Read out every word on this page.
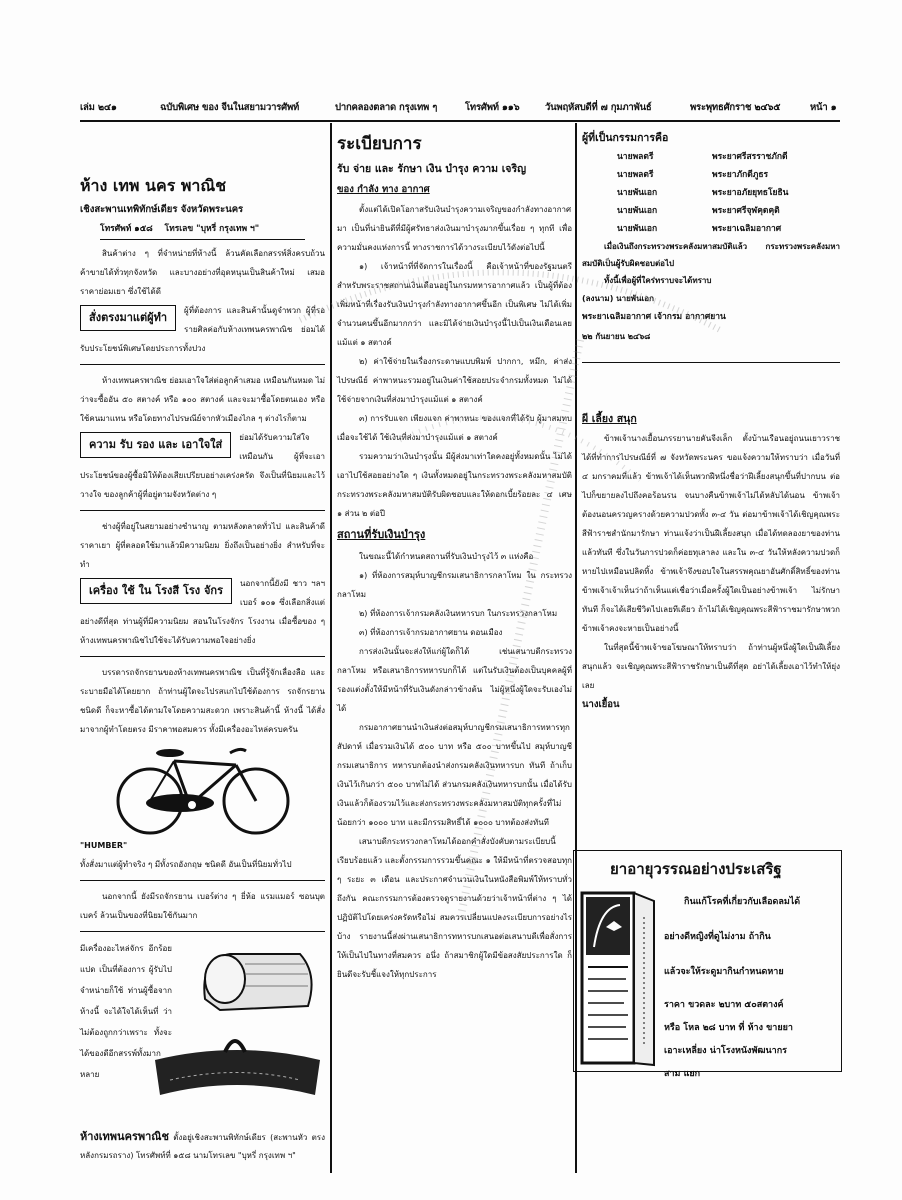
เล่ม ๒๔๑	ฉบับพิเศษ ของ จีนในสยามวารศัพท์	ปากคลองตลาด กรุงเทพ ๆ	โทรศัพท์ ๑๑๖	วันพฤหัสบดีที่ ๗ กุมภาพันธ์	พระพุทธศักราช ๒๔๖๕	หน้า ๑

ห้าง เทพ นคร พาณิช

เชิงสะพานเทพิทักษ์เดียร จังหวัดพระนคร

โทรศัพท์ ๑๕๘ โทรเลข "บุหรี่ กรุงเทพ ฯ"

สินค้าต่าง ๆ ที่จำหน่ายที่ห้างนี้ ล้วนคัดเลือกสรรพ์สิ่งครบถ้วน ค้าขายได้ทั่วทุกจังหวัด และบางอย่างที่อุดหนุนเป็นสินค้าใหม่ เสมอ ราคาย่อมเยา ซึ่งใช้ได้ดี

สั่งตรงมาแต่ผู้ทำ
ผู้ที่ต้องการ และสินค้านั้นดูจำพวก ผู้ที่รอรายศิลค่อกับห้างเทพนครพาณิช ย่อมได้รับประโยชน์พิเศษโดยประการทั้งปวง

ห้างเทพนครพาณิช ย่อมเอาใจใส่ต่อลูกค้าเสมอ เหมือนกันหมด ไม่ว่าจะซื้ออัน ๕๐ สตางค์ หรือ ๑๐๐ สตางค์ และจะมาซื้อโดยตนเอง หรือใช้คนมาแทน หรือโดยทางไปรษณีย์จากหัวเมืองไกล ๆ ต่างไรก็ตาม

ความ รับ รอง และ เอาใจใส่
ย่อมได้รับความใส่ใจ เหมือนกัน ผู้ที่จะเอาประโยชน์ของผู้ซื้อมิให้ต้องเสียเปรียบอย่างเคร่งครัด จึงเป็นที่นิยมและไว้วางใจ ของลูกค้าผู้ที่อยู่ตามจังหวัดต่าง ๆ

ช่างผู้ที่อยู่ในสยามอย่างชำนาญ ตามหลังตลาดทั่วไป และสินค้าดีราคาเยา ผู้ที่ตลอดใช้มาแล้วมีความนิยม ยิ่งถึงเป็นอย่างยิ่ง สำหรับที่จะทำ

เครื่อง ใช้ ใน โรงสี โรง จักร
นอกจากนี้ยังมี ชาว ฯลฯ เบอร์ ๑๐๑ ซึ่งเลือกสิ่งแต่อย่างดีที่สุด ท่านผู้ที่มีความนิยม สอนในโรงจักร โรงงาน เมื่อซื้อของ ๆ ห้างเทพนครพาณิชไปใช้จะได้รับความพอใจอย่างยิ่ง

บรรดารถจักรยานของห้างเทพนครพาณิช เป็นที่รู้จักเลื่องลือ และระบายมือได้โดยยาก ถ้าท่านผู้ใดจะไปรสแกไปใช้ต้องการ รถจักรยานชนิดดี ก็จะหาซื้อได้ตามใจโดยความสะดวก เพราะสินค้านี้ ห้างนี้ ได้สั่งมาจากผู้ทำโดยตรง มีราคาพอสมควร ทั้งมีเครื่องอะไหล่ครบครัน

"HUMBER"

ทั้งสั่งมาแต่ผู้ทำจริง ๆ มีทั้งรถอังกฤษ ชนิดดี อันเป็นที่นิยมทั่วไป

นอกจากนี้ ยังมีรถจักรยาน เบอร์ต่าง ๆ ยี่ห้อ แรมแมอร์ ซอนบุต เบคร์ ล้วนเป็นของที่นิยมใช้กันมาก

มีเครื่องอะไหล่จักร อีกร้อยแปด เป็นที่ต้องการ ผู้รับไปจำหน่ายก็ใช้ ท่านผู้ซื้อจากห้างนี้ จะได้ใจได้เห็นที่ ว่าไม่ต้องถูกกว่าเพราะ ทั้งจะได้ของดีอีกสรรพ์ทั้งมากหลาย

ห้างเทพนครพาณิช ตั้งอยู่เชิงสะพานพิทักษ์เดียร (สะพานหัว ตรงหลังกรมรถราง) โทรศัพท์ที่ ๑๕๘ นามโทรเลข "บุหรี่ กรุงเทพ ฯ"

ระเบียบการ

รับ จ่าย และ รักษา เงิน บำรุง ความ เจริญ

ของ กำลัง ทาง อากาศ

ตั้งแต่ได้เปิดโอกาสรับเงินบำรุงความเจริญของกำลังทางอากาศมา เป็นที่น่ายินดีที่มีผู้ศรัทธาส่งเงินมาบำรุงมากขึ้นเรื่อย ๆ ทุกที เพื่อความมั่นคงแห่งการนี้ ทางราชการได้วางระเบียบไว้ดังต่อไปนี้

๑) เจ้าหน้าที่ที่จัดการในเรื่องนี้ คือเจ้าหน้าที่ของรัฐมนตรีสำหรับพระราชสถานเงินเดือนอยู่ในกรมทหารอากาศแล้ว เป็นผู้ที่ต้องเพิ่มหน้าที่เรื่องรับเงินบำรุงกำลังทางอากาศขึ้นอีก เป็นพิเศษ ไม่ได้เพิ่มจำนวนคนขึ้นอีกมากกว่า และมิได้จ่ายเงินบำรุงนี้ไปเป็นเงินเดือนเลยแม้แต่ ๑ สตางค์

๒) ค่าใช้จ่ายในเรื่องกระดาษแบบพิมพ์ ปากกา, หมึก, ค่าส่งไปรษณีย์ ค่าพาหนะรวมอยู่ในเงินค่าใช้สอยประจำกรมทั้งหมด ไม่ได้ใช้จ่ายจากเงินที่ส่งมาบำรุงแม้แต่ ๑ สตางค์

๓) การรับแจก เพียงแจก ค่าพาหนะ ของแจกที่ได้รับ ผู้มาสมทบเมื่อจะใช้ได้ ใช้เงินที่ส่งมาบำรุงแม้แต่ ๑ สตางค์

รวมความว่าเงินบำรุงนั้น มีผู้ส่งมาเท่าใดคงอยู่ทั้งหมดนั้น ไม่ได้เอาไปใช้สอยอย่างใด ๆ เงินทั้งหมดอยู่ในกระทรวงพระคลังมหาสมบัติ กระทรวงพระคลังมหาสมบัติรับผิดชอบและให้ดอกเบี้ยร้อยละ ๔ เศษ ๑ ส่วน ๒ ต่อปี

สถานที่รับเงินบำรุง

ในขณะนี้ได้กำหนดสถานที่รับเงินบำรุงไว้ ๓ แห่งคือ

๑) ที่ห้องการสมุห์บาญชีกรมเสนาธิการกลาโหม ใน กระทรวงกลาโหม

๒) ที่ห้องการเจ้ากรมคลังเงินทหารบก ในกระทรวงกลาโหม

๓) ที่ห้องการเจ้ากรมอากาศยาน ดอนเมือง

การส่งเงินนั้นจะส่งให้แก่ผู้ใดก็ได้ เช่นเสนาบดีกระทรวงกลาโหม หรือเสนาธิการทหารบกก็ได้ แต่ในรับเงินต้องเป็นบุคคลผู้ที่รองแต่งตั้งให้มีหน้าที่รับเงินดังกล่าวข้างต้น ไม่ผู้หนึ่งผู้ใดจะรับเองไม่ได้

กรมอากาศยานนำเงินส่งต่อสมุห์บาญชีกรมเสนาธิการทหารทุกสัปดาห์ เมื่อรวมเงินได้ ๕๐๐ บาท หรือ ๕๐๐ บาทขึ้นไป สมุห์บาญชีกรมเสนาธิการ ทหารบกต้องนำส่งกรมคลังเงินทหารบก ทันที ถ้าเก็บเงินไว้เกินกว่า ๕๐๐ บาทไม่ได้ ส่วนกรมคลังเงินทหารบกนั้น เมื่อได้รับเงินแล้วก็ต้องรวมไว้และส่งกระทรวงพระคลังมหาสมบัติทุกครั้งที่ไม่น้อยกว่า ๑๐๐๐ บาท และมีกรรมสิทธิ์ได้ ๑๐๐๐ บาทต้องส่งทันที

เสนาบดีกระทรวงกลาโหมได้ออกคำสั่งบังคับตามระเบียบนี้เรียบร้อยแล้ว และตั้งกรรมการรวมขึ้นคณะ ๑ ให้มีหน้าที่ตรวจสอบทุก ๆ ระยะ ๓ เดือน และประกาศจำนวนเงินในหนังสือพิมพ์ให้ทราบทั่วถึงกัน คณะกรรมการต้องตรวจดูรายงานด้วยว่าเจ้าหน้าที่ต่าง ๆ ได้ปฏิบัติไปโดยเคร่งครัดหรือไม่ สมควรเปลี่ยนแปลงระเบียบการอย่างไรบ้าง รายงานนี้ส่งผ่านเสนาธิการทหารบกเสนอต่อเสนาบดีเพื่อสั่งการให้เป็นไปในทางที่สมควร อนึ่ง ถ้าสมาชิกผู้ใดมีข้อสงสัยประการใด ก็ยินดีจะรับชี้แจงให้ทุกประการ

ผู้ที่เป็นกรรมการคือ

นายพลตรี	พระยาศรีสรราชภักดี
นายพลตรี	พระยาภักดีภูธร
นายพันเอก	พระยาอภัยยุทธโยธิน
นายพันเอก	พระยาศรีจุฬคุดคุติ
นายพันเอก	พระยาเฉลิมอากาศ

เมื่อเงินถึงกระทรวงพระคลังมหาสมบัติแล้ว กระทรวงพระคลังมหาสมบัติเป็นผู้รับผิดชอบต่อไป

ทั้งนี้เพื่อผู้ที่ใคร่ทราบจะได้ทราบ

(ลงนาม) นายพันเอก

พระยาเฉลิมอากาศ เจ้ากรม อากาศยาน

๒๒ กันยายน ๒๔๖๘

ผี เลี้ยง สนุก

ข้าพเจ้านางเยื้อนภรรยานายคันจีงเล็ก ตั้งบ้านเรือนอยู่ถนนเยาวราช ได้ที่ทำการไปรษณีย์ที่ ๗ จังหวัดพระนคร ขอแจ้งความให้ทราบว่า เมื่อวันที่ ๔ มกราคมที่แล้ว ข้าพเจ้าได้เห็นพวกฝีหนึ่งชื่อว่าฝีเลี้ยงสนุกขึ้นที่ปากบน ต่อไปก็ขยายลงไปถึงคอร้อนรน จนบางคืนข้าพเจ้าไม่ได้หลับได้นอน ข้าพเจ้าต้องนอนครวญครางด้วยความปวดทั้ง ๓-๔ วัน ต่อมาข้าพเจ้าได้เชิญคุณพระสีฟ้าราชสำนักมารักษา ท่านแจ้งว่าเป็นฝีเลี้ยงสนุก เมื่อได้ทดลองยาของท่านแล้วทันที ซึ่งในวันการปวดก็ค่อยทุเลาลง และใน ๓-๔ วันให้หลังความปวดก็หายไปเหมือนปลิดทิ้ง ข้าพเจ้าจึงขอบใจในสรรพคุณยาอันศักดิ์สิทธิ์ของท่าน ข้าพเจ้าเจ้าเห็นว่าถ้าเห็นแต่เชื่อว่าเมื่อครั้งผู้ใดเป็นอย่างข้าพเจ้า ไม่รักษาทันที ก็จะได้เสียชีวิตไปเลยทีเดียว ถ้าไม่ได้เชิญคุณพระสีฟ้าราชมารักษาพวกข้าพเจ้าคงจะหายเป็นอย่างนี้

ในที่สุดนี้ข้าพเจ้าขอโฆษณาให้ทราบว่า ถ้าท่านผู้หนึ่งผู้ใดเป็นฝีเลี้ยงสนุกแล้ว จะเชิญคุณพระสีฟ้าราชรักษาเป็นดีที่สุด อย่าได้เลี้ยงเอาไว้ทำให้ยุ่งเลย

นางเยื้อน

ยาอายุวรรณอย่างประเสริฐ
กินแก้โรคที่เกี่ยวกับเลือดลมได้
อย่างดีหญิงที่ดูไม่งาม ถ้ากิน
แล้วจะให้ระดูมากินกำหนดหาย
ราคา ขวดละ ๒บาท ๕๐สตางค์
หรือ โหล ๒๘ บาท ที่ ห้าง ขายยา
เอาะเหลี่ยง น่าโรงหนังพัฒนากร
สาม แยก
